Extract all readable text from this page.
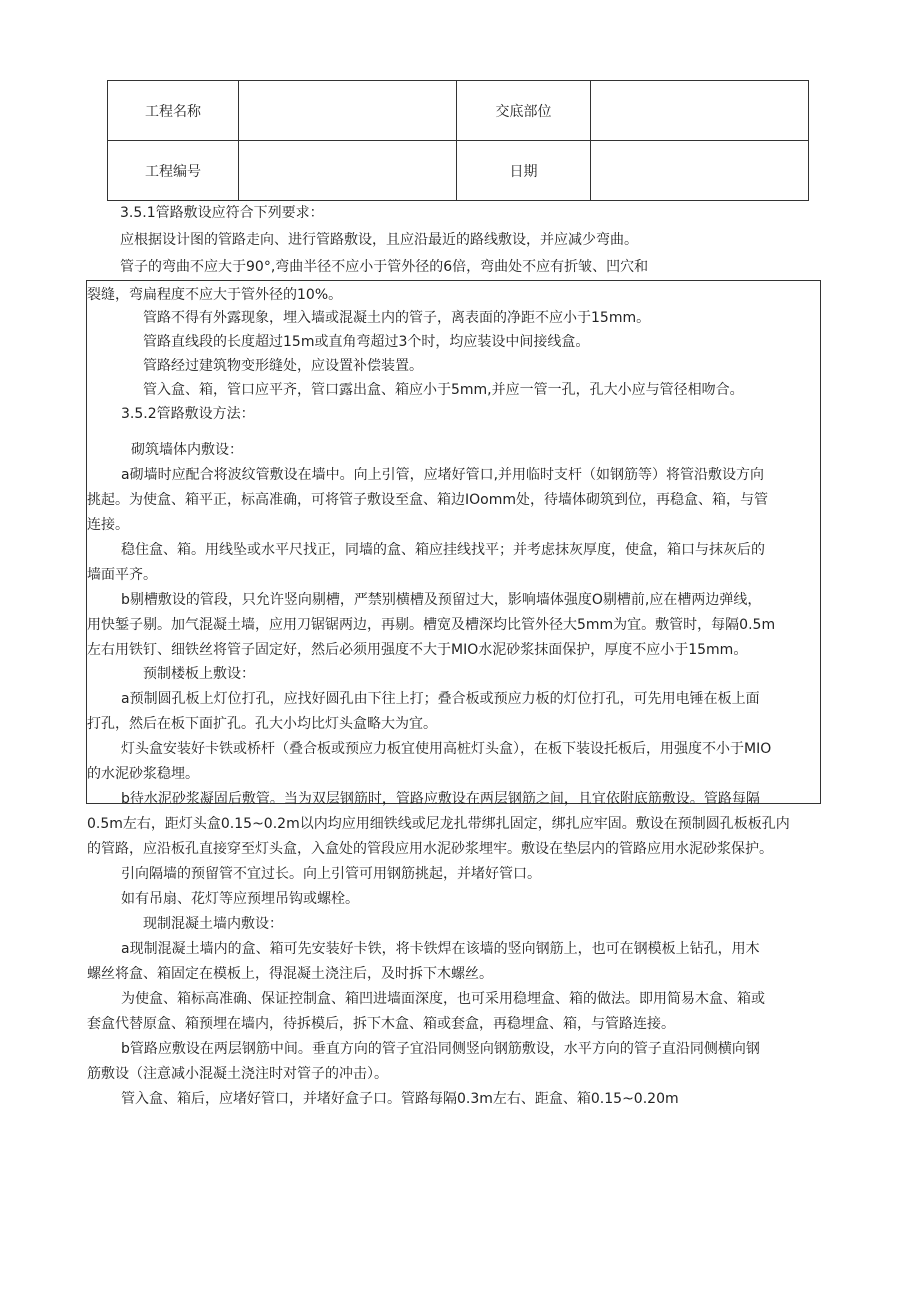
工程名称		交底部位	
工程编号		日期	
3.5.1管路敷设应符合下列要求：
应根据设计图的管路走向、进行管路敷设，且应沿最近的路线敷设，并应减少弯曲。
管子的弯曲不应大于90°,弯曲半径不应小于管外径的6倍，弯曲处不应有折皱、凹穴和
裂缝，弯扁程度不应大于管外径的10%。
管路不得有外露现象，埋入墙或混凝土内的管子，离表面的净距不应小于15mm。
管路直线段的长度超过15m或直角弯超过3个时，均应装设中间接线盒。
管路经过建筑物变形缝处，应设置补偿装置。
管入盒、箱，管口应平齐，管口露出盒、箱应小于5mm,并应一管一孔，孔大小应与管径相吻合。
3.5.2管路敷设方法：
砌筑墙体内敷设：
a砌墙时应配合将波纹管敷设在墙中。向上引管，应堵好管口,并用临时支杆（如钢筋等）将管沿敷设方向
挑起。为使盒、箱平正，标高准确，可将管子敷设至盒、箱边IOomm处，待墙体砌筑到位，再稳盒、箱，与管
连接。
稳住盒、箱。用线坠或水平尺找正，同墙的盒、箱应挂线找平；并考虑抹灰厚度，使盒，箱口与抹灰后的
墙面平齐。
b剔槽敷设的管段，只允许竖向剔槽，严禁别横槽及预留过大，影响墙体强度O剔槽前,应在槽两边弹线，
用快錾子剔。加气混凝土墙，应用刀锯锯两边，再剔。槽宽及槽深均比管外径大5mm为宜。敷管时，每隔0.5m
左右用铁钉、细铁丝将管子固定好，然后必须用强度不大于MIO水泥砂浆抹面保护，厚度不应小于15mm。
预制楼板上敷设：
a预制圆孔板上灯位打孔，应找好圆孔由下往上打；叠合板或预应力板的灯位打孔，可先用电锤在板上面
打孔，然后在板下面扩孔。孔大小均比灯头盒略大为宜。
灯头盒安装好卡铁或桥杆（叠合板或预应力板宜使用高桩灯头盒），在板下装设托板后，用强度不小于MIO
的水泥砂浆稳埋。
b待水泥砂浆凝固后敷管。当为双层钢筋时，管路应敷设在两层钢筋之间，且宜依附底筋敷设。管路每隔
0.5m左右，距灯头盒0.15~0.2m以内均应用细铁线或尼龙扎带绑扎固定，绑扎应牢固。敷设在预制圆孔板板孔内
的管路，应沿板孔直接穿至灯头盒，入盒处的管段应用水泥砂浆埋牢。敷设在垫层内的管路应用水泥砂浆保护。
引向隔墙的预留管不宜过长。向上引管可用钢筋挑起，并堵好管口。
如有吊扇、花灯等应预埋吊钩或螺栓。
现制混凝土墙内敷设：
a现制混凝土墙内的盒、箱可先安装好卡铁，将卡铁焊在该墙的竖向钢筋上，也可在钢模板上钻孔，用木
螺丝将盒、箱固定在模板上，得混凝土浇注后，及时拆下木螺丝。
为使盒、箱标高准确、保证控制盒、箱凹进墙面深度，也可采用稳埋盒、箱的做法。即用简易木盒、箱或
套盒代替原盒、箱预埋在墙内，待拆模后，拆下木盒、箱或套盒，再稳埋盒、箱，与管路连接。
b管路应敷设在两层钢筋中间。垂直方向的管子宜沿同侧竖向钢筋敷设，水平方向的管子直沿同侧横向钢
筋敷设（注意减小混凝土浇注时对管子的冲击）。
管入盒、箱后，应堵好管口，并堵好盒子口。管路每隔0.3m左右、距盒、箱0.15~0.20m
